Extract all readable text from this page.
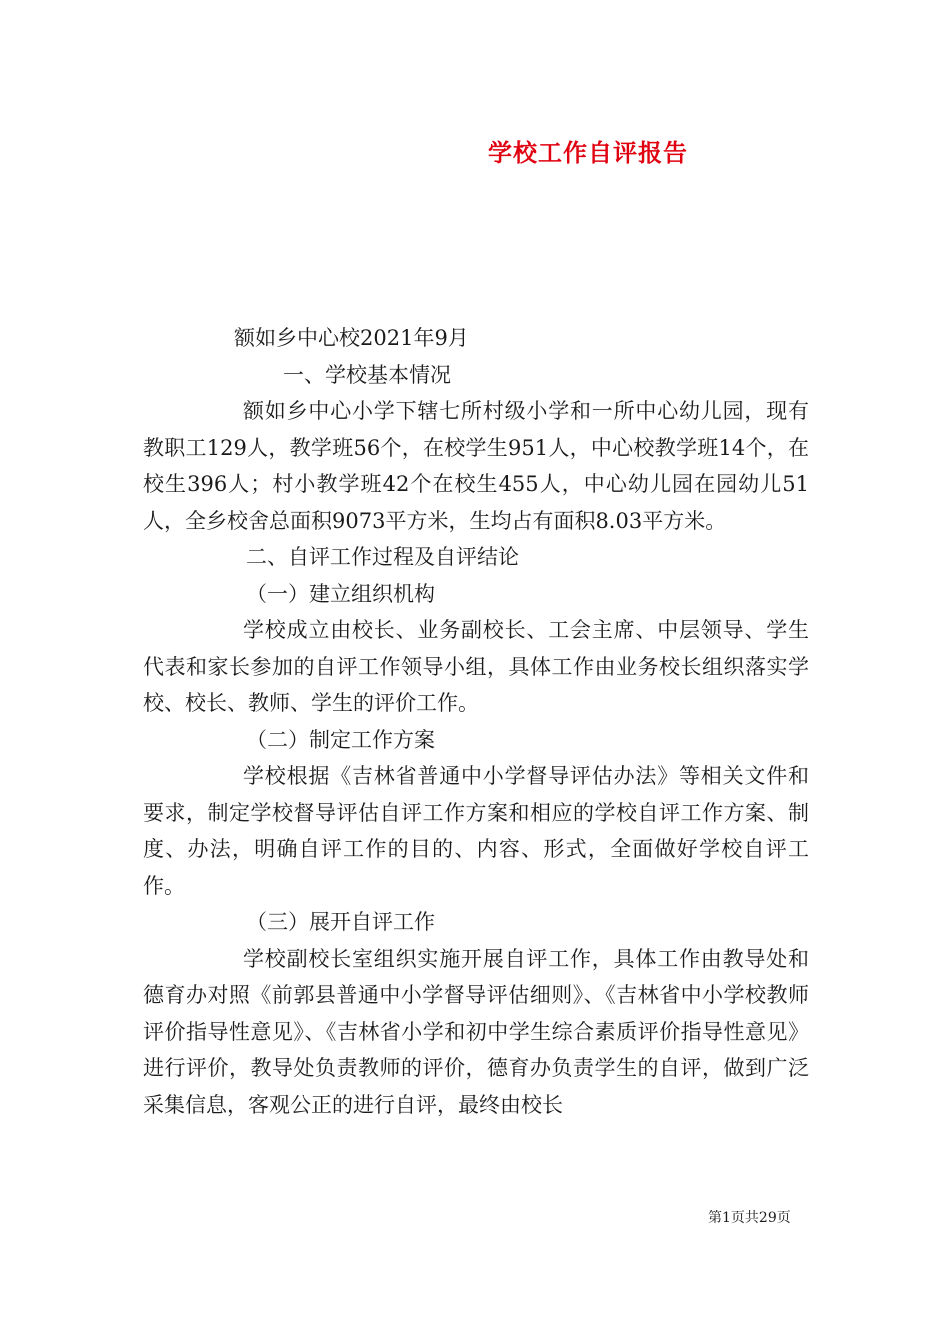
学校工作自评报告

额如乡中心校2021年9月

一、学校基本情况

额如乡中心小学下辖七所村级小学和一所中心幼儿园，现有教职工129人，教学班56个，在校学生951人，中心校教学班14个，在校生396人；村小教学班42个在校生455人，中心幼儿园在园幼儿51人，全乡校舍总面积9073平方米，生均占有面积8.03平方米。

二、自评工作过程及自评结论

（一）建立组织机构

学校成立由校长、业务副校长、工会主席、中层领导、学生代表和家长参加的自评工作领导小组，具体工作由业务校长组织落实学校、校长、教师、学生的评价工作。

（二）制定工作方案

学校根据《吉林省普通中小学督导评估办法》等相关文件和要求，制定学校督导评估自评工作方案和相应的学校自评工作方案、制度、办法，明确自评工作的目的、内容、形式，全面做好学校自评工作。

（三）展开自评工作

学校副校长室组织实施开展自评工作，具体工作由教导处和德育办对照《前郭县普通中小学督导评估细则》、《吉林省中小学校教师评价指导性意见》、《吉林省小学和初中学生综合素质评价指导性意见》进行评价，教导处负责教师的评价，德育办负责学生的自评，做到广泛采集信息，客观公正的进行自评，最终由校长

第1页共29页
